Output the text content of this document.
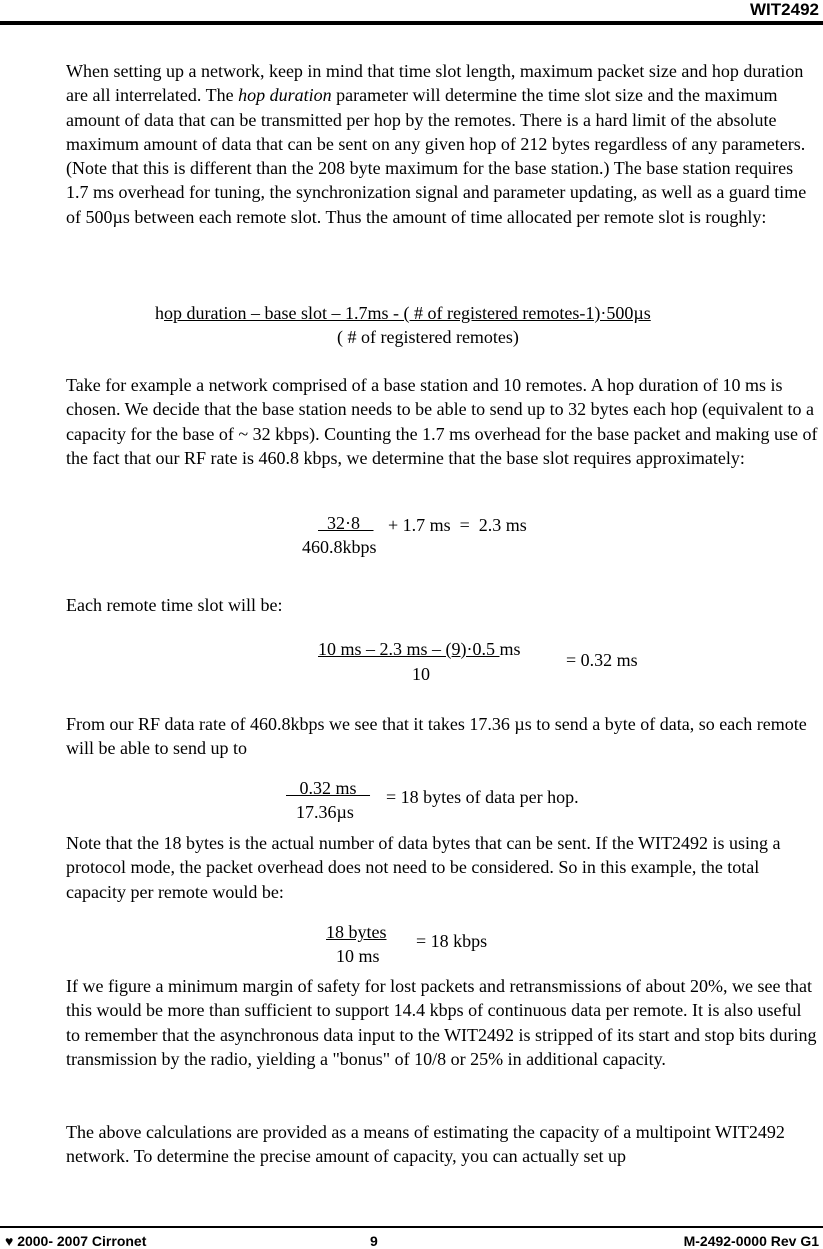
WIT2492

When setting up a network, keep in mind that time slot length, maximum packet size and hop duration are all interrelated. The hop duration parameter will determine the time slot size and the maximum amount of data that can be transmitted per hop by the remotes. There is a hard limit of the absolute maximum amount of data that can be sent on any given hop of 212 bytes regardless of any parameters. (Note that this is different than the 208 byte maximum for the base station.) The base station requires 1.7 ms overhead for tuning, the synchronization signal and parameter updating, as well as a guard time of 500µs between each remote slot. Thus the amount of time allocated per remote slot is roughly:

hop duration – base slot – 1.7ms - ( # of registered remotes-1)·500µs
( # of registered remotes)

Take for example a network comprised of a base station and 10 remotes. A hop duration of 10 ms is chosen. We decide that the base station needs to be able to send up to 32 bytes each hop (equivalent to a capacity for the base of ~ 32 kbps). Counting the 1.7 ms overhead for the base packet and making use of the fact that our RF rate is 460.8 kbps, we determine that the base slot requires approximately:

32·8
460.8kbps
+ 1.7 ms  =  2.3 ms

Each remote time slot will be:

10 ms – 2.3 ms – (9)·0.5 ms
10
= 0.32 ms

From our RF data rate of 460.8kbps we see that it takes 17.36 µs to send a byte of data, so each remote will be able to send up to

0.32 ms
17.36µs
= 18 bytes of data per hop.

Note that the 18 bytes is the actual number of data bytes that can be sent. If the WIT2492 is using a protocol mode, the packet overhead does not need to be considered. So in this example, the total capacity per remote would be:

18 bytes
10 ms
= 18 kbps

If we figure a minimum margin of safety for lost packets and retransmissions of about 20%, we see that this would be more than sufficient to support 14.4 kbps of continuous data per remote. It is also useful to remember that the asynchronous data input to the WIT2492 is stripped of its start and stop bits during transmission by the radio, yielding a "bonus" of 10/8 or 25% in additional capacity.

The above calculations are provided as a means of estimating the capacity of a multipoint WIT2492 network. To determine the precise amount of capacity, you can actually set up

♥ 2000- 2007 Cirronet	9	M-2492-0000 Rev G1
